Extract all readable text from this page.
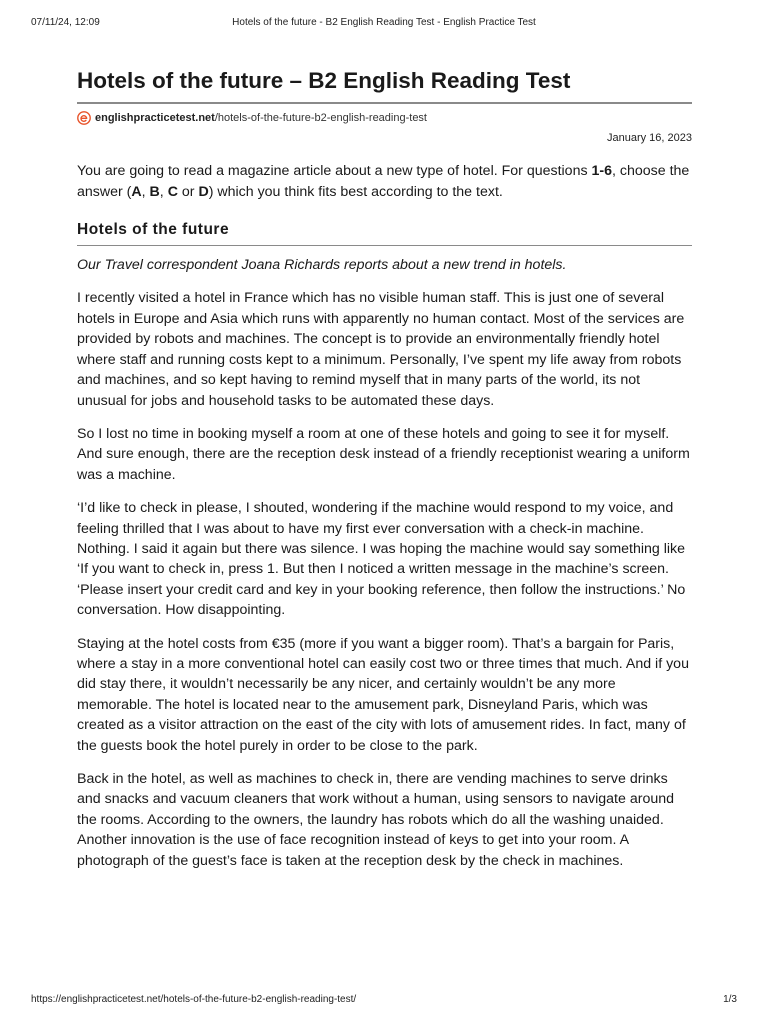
07/11/24, 12:09	Hotels of the future - B2 English Reading Test - English Practice Test
Hotels of the future – B2 English Reading Test
englishpracticetest.net /hotels-of-the-future-b2-english-reading-test
January 16, 2023

You are going to read a magazine article about a new type of hotel. For questions 1-6, choose the answer (A, B, C or D) which you think fits best according to the text.

Hotels of the future

Our Travel correspondent Joana Richards reports about a new trend in hotels.

I recently visited a hotel in France which has no visible human staff. This is just one of several hotels in Europe and Asia which runs with apparently no human contact. Most of the services are provided by robots and machines. The concept is to provide an environmentally friendly hotel where staff and running costs kept to a minimum. Personally, I’ve spent my life away from robots and machines, and so kept having to remind myself that in many parts of the world, its not unusual for jobs and household tasks to be automated these days.

So I lost no time in booking myself a room at one of these hotels and going to see it for myself. And sure enough, there are the reception desk instead of a friendly receptionist wearing a uniform was a machine.

‘I’d like to check in please, I shouted, wondering if the machine would respond to my voice, and feeling thrilled that I was about to have my first ever conversation with a check-in machine. Nothing. I said it again but there was silence. I was hoping the machine would say something like ‘If you want to check in, press 1. But then I noticed a written message in the machine’s screen. ‘Please insert your credit card and key in your booking reference, then follow the instructions.’ No conversation. How disappointing.

Staying at the hotel costs from €35 (more if you want a bigger room). That’s a bargain for Paris, where a stay in a more conventional hotel can easily cost two or three times that much. And if you did stay there, it wouldn’t necessarily be any nicer, and certainly wouldn’t be any more memorable. The hotel is located near to the amusement park, Disneyland Paris, which was created as a visitor attraction on the east of the city with lots of amusement rides. In fact, many of the guests book the hotel purely in order to be close to the park.

Back in the hotel, as well as machines to check in, there are vending machines to serve drinks and snacks and vacuum cleaners that work without a human, using sensors to navigate around the rooms. According to the owners, the laundry has robots which do all the washing unaided. Another innovation is the use of face recognition instead of keys to get into your room. A photograph of the guest’s face is taken at the reception desk by the check in machines.

https://englishpracticetest.net/hotels-of-the-future-b2-english-reading-test/	1/3
